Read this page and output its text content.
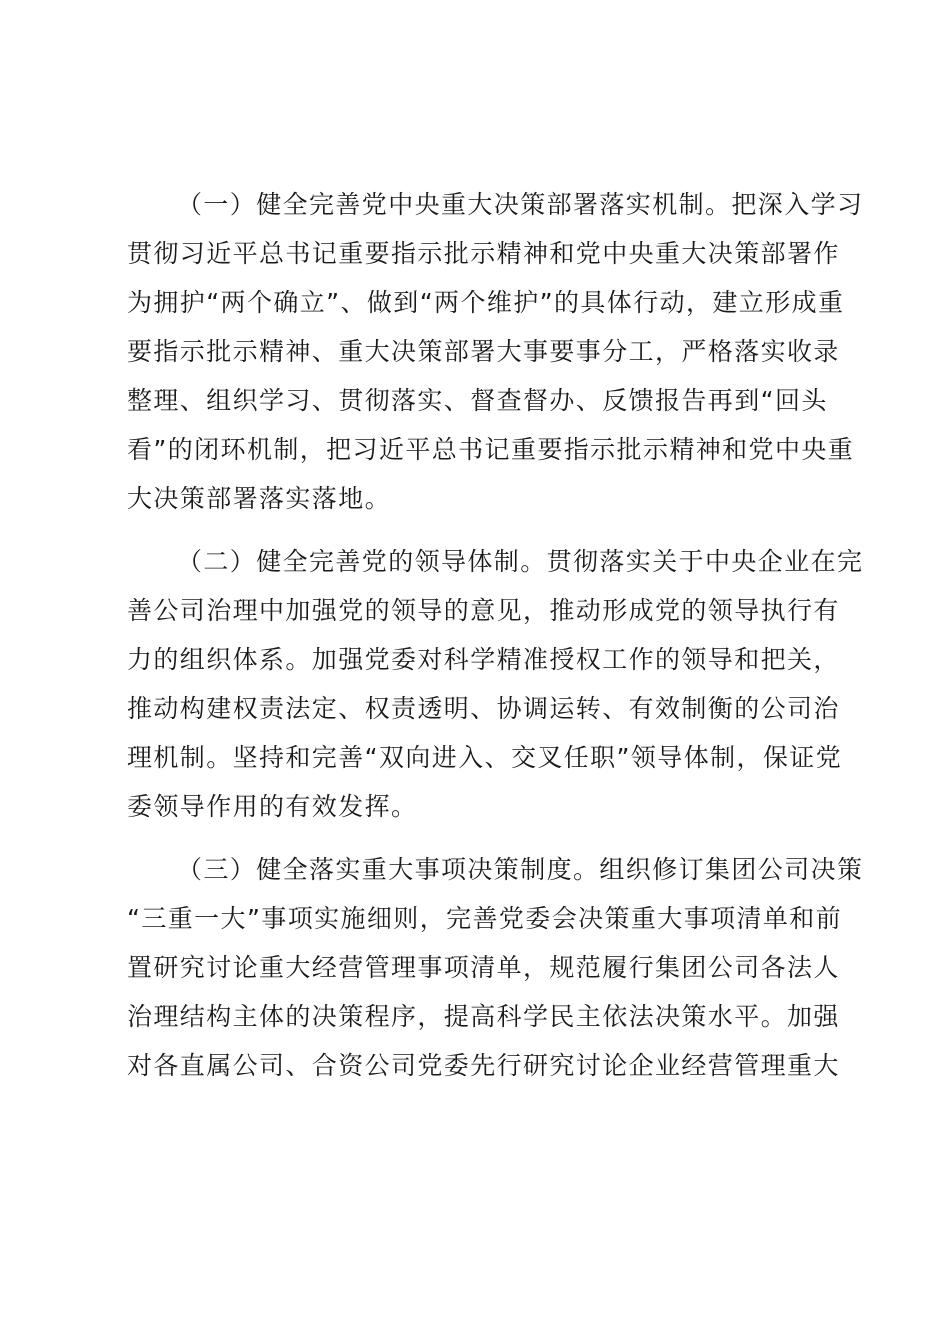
（一）健全完善党中央重大决策部署落实机制。把深入学习
贯彻习近平总书记重要指示批示精神和党中央重大决策部署作
为拥护“两个确立”、做到“两个维护”的具体行动，建立形成重
要指示批示精神、重大决策部署大事要事分工，严格落实收录
整理、组织学习、贯彻落实、督查督办、反馈报告再到“回头
看”的闭环机制，把习近平总书记重要指示批示精神和党中央重
大决策部署落实落地。

（二）健全完善党的领导体制。贯彻落实关于中央企业在完
善公司治理中加强党的领导的意见，推动形成党的领导执行有
力的组织体系。加强党委对科学精准授权工作的领导和把关，
推动构建权责法定、权责透明、协调运转、有效制衡的公司治
理机制。坚持和完善“双向进入、交叉任职”领导体制，保证党
委领导作用的有效发挥。

（三）健全落实重大事项决策制度。组织修订集团公司决策
“三重一大”事项实施细则，完善党委会决策重大事项清单和前
置研究讨论重大经营管理事项清单，规范履行集团公司各法人
治理结构主体的决策程序，提高科学民主依法决策水平。加强
对各直属公司、合资公司党委先行研究讨论企业经营管理重大
